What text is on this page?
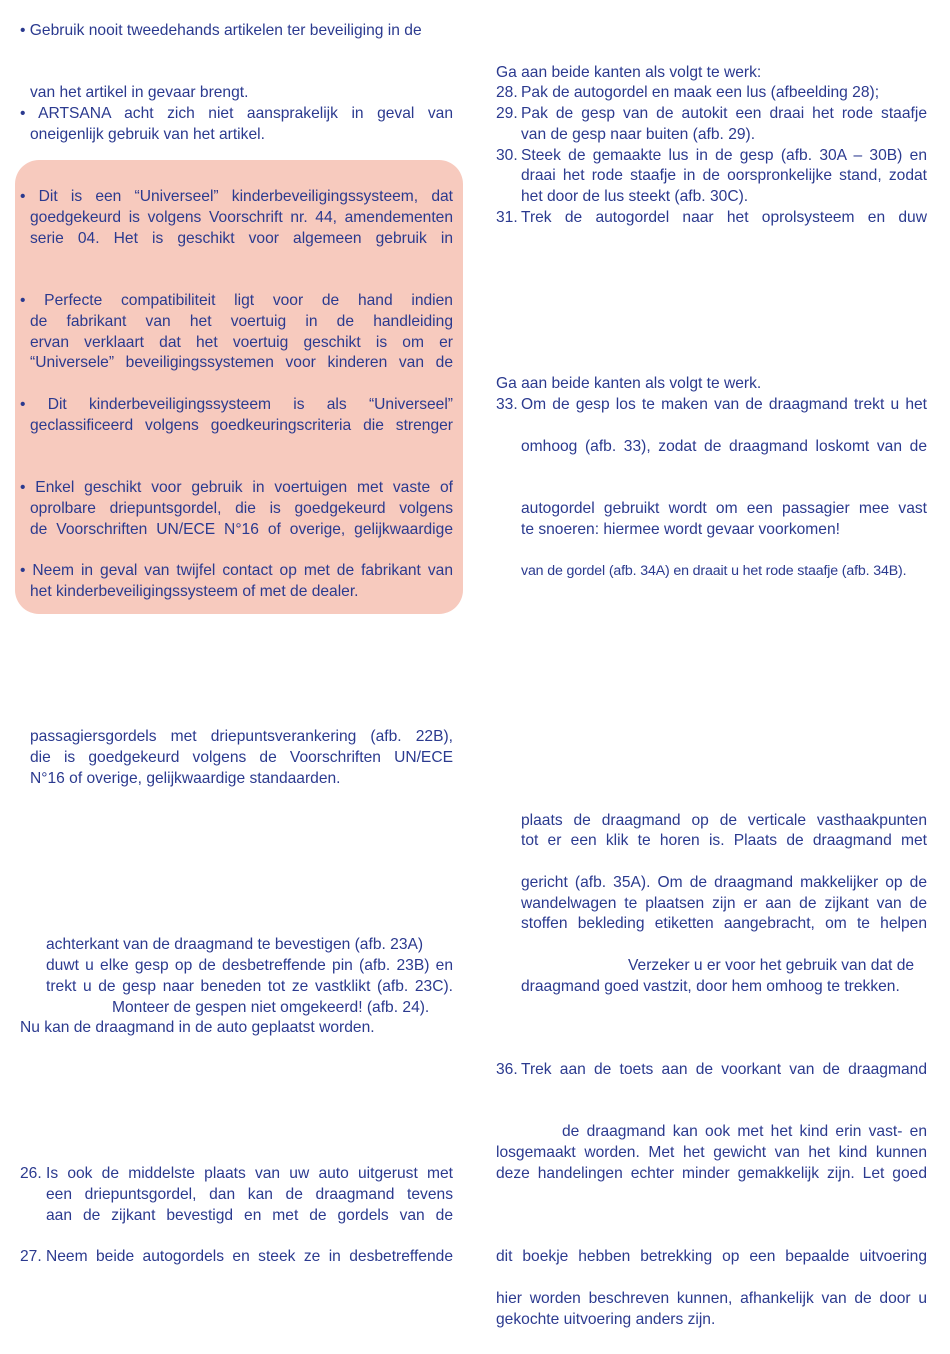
• Gebruik nooit tweedehands artikelen ter beveiliging in de
van het artikel in gevaar brengt.
• ARTSANA acht zich niet aansprakelijk in geval van
oneigenlijk gebruik van het artikel.
• Dit is een “Universeel” kinderbeveiligingssysteem, dat
goedgekeurd is volgens Voorschrift nr. 44, amendementen
serie 04. Het is geschikt voor algemeen gebruik in
• Perfecte compatibiliteit ligt voor de hand indien
de fabrikant van het voertuig in de handleiding
ervan verklaart dat het voertuig geschikt is om er
“Universele” beveiligingssystemen voor kinderen van de
• Dit kinderbeveiligingssysteem is als “Universeel”
geclassificeerd volgens goedkeuringscriteria die strenger
• Enkel geschikt voor gebruik in voertuigen met vaste of
oprolbare driepuntsgordel, die is goedgekeurd volgens
de Voorschriften UN/ECE N°16 of overige, gelijkwaardige
• Neem in geval van twijfel contact op met de fabrikant van
het kinderbeveiligingssysteem of met de dealer.
passagiersgordels met driepuntsverankering (afb. 22B),
die is goedgekeurd volgens de Voorschriften UN/ECE
N°16 of overige, gelijkwaardige standaarden.
achterkant van de draagmand te bevestigen (afb. 23A)
duwt u elke gesp op de desbetreffende pin (afb. 23B) en
trekt u de gesp naar beneden tot ze vastklikt (afb. 23C).
Monteer de gespen niet omgekeerd! (afb. 24).
Nu kan de draagmand in de auto geplaatst worden.
26. Is ook de middelste plaats van uw auto uitgerust met
een driepuntsgordel, dan kan de draagmand tevens
aan de zijkant bevestigd en met de gordels van de
27. Neem beide autogordels en steek ze in desbetreffende
Ga aan beide kanten als volgt te werk:
28. Pak de autogordel en maak een lus (afbeelding 28);
29. Pak de gesp van de autokit een draai het rode staafje
van de gesp naar buiten (afb. 29).
30. Steek de gemaakte lus in de gesp (afb. 30A – 30B) en
draai het rode staafje in de oorspronkelijke stand, zodat
het door de lus steekt (afb. 30C).
31. Trek de autogordel naar het oprolsysteem en duw
Ga aan beide kanten als volgt te werk.
33. Om de gesp los te maken van de draagmand trekt u het
omhoog (afb. 33), zodat de draagmand loskomt van de
autogordel gebruikt wordt om een passagier mee vast
te snoeren: hiermee wordt gevaar voorkomen!
van de gordel (afb. 34A) en draait u het rode staafje (afb. 34B).
plaats de draagmand op de verticale vasthaakpunten
tot er een klik te horen is. Plaats de draagmand met
gericht (afb. 35A). Om de draagmand makkelijker op de
wandelwagen te plaatsen zijn er aan de zijkant van de
stoffen bekleding etiketten aangebracht, om te helpen
Verzeker u er voor het gebruik van dat de
draagmand goed vastzit, door hem omhoog te trekken.
36. Trek aan de toets aan de voorkant van de draagmand
de draagmand kan ook met het kind erin vast- en
losgemaakt worden. Met het gewicht van het kind kunnen
deze handelingen echter minder gemakkelijk zijn. Let goed
dit boekje hebben betrekking op een bepaalde uitvoering
hier worden beschreven kunnen, afhankelijk van de door u
gekochte uitvoering anders zijn.
